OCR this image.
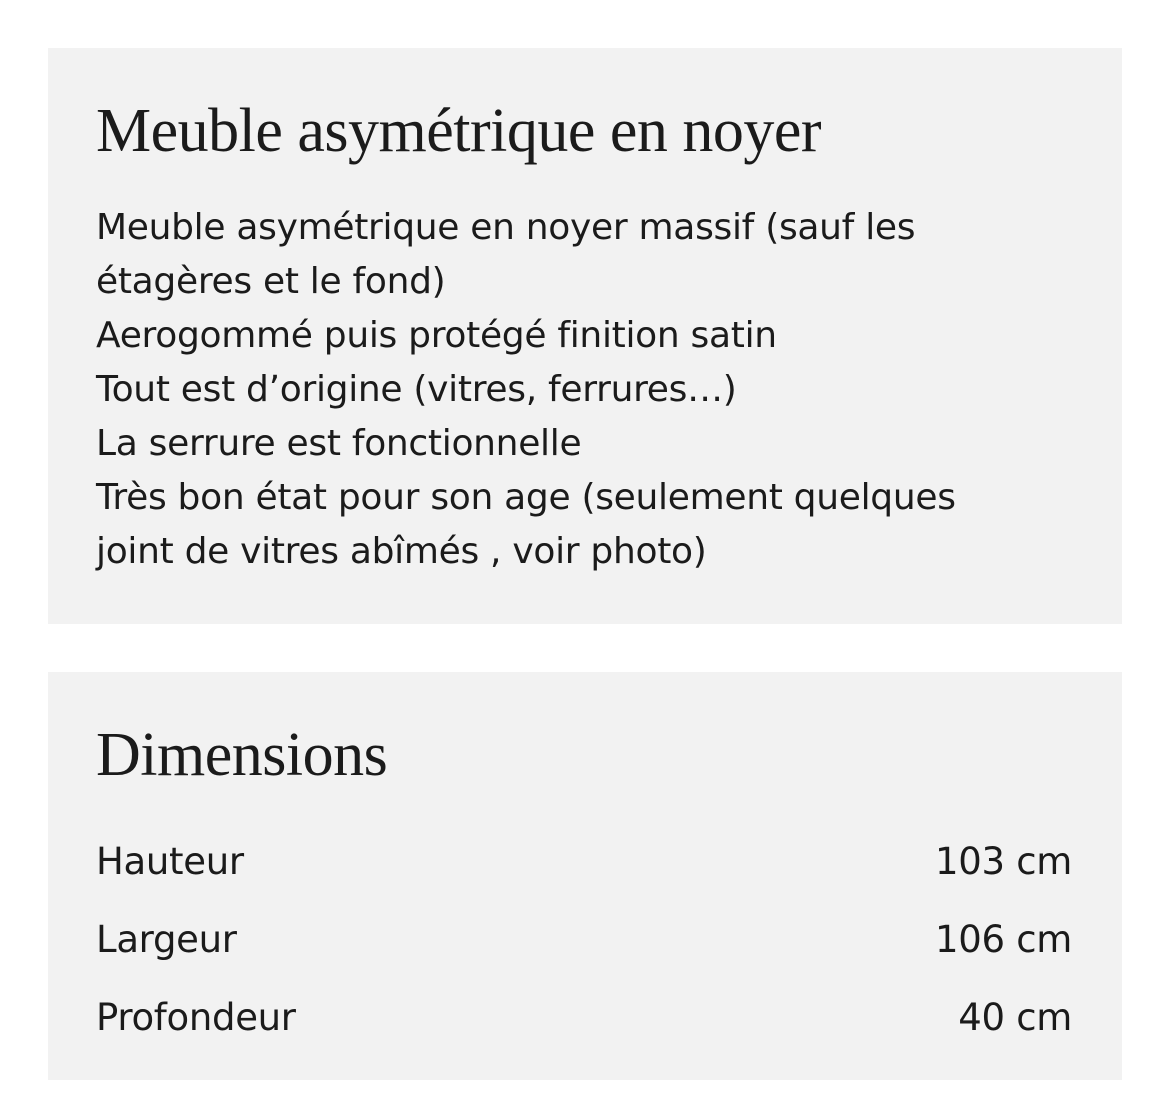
Meuble asymétrique en noyer
Meuble asymétrique en noyer massif (sauf les
étagères et le fond)
Aerogommé puis protégé finition satin
Tout est d’origine (vitres, ferrures…)
La serrure est fonctionnelle
Très bon état pour son age (seulement quelques
joint de vitres abîmés , voir photo)
Dimensions
Hauteur	103 cm
Largeur	106 cm
Profondeur	40 cm
